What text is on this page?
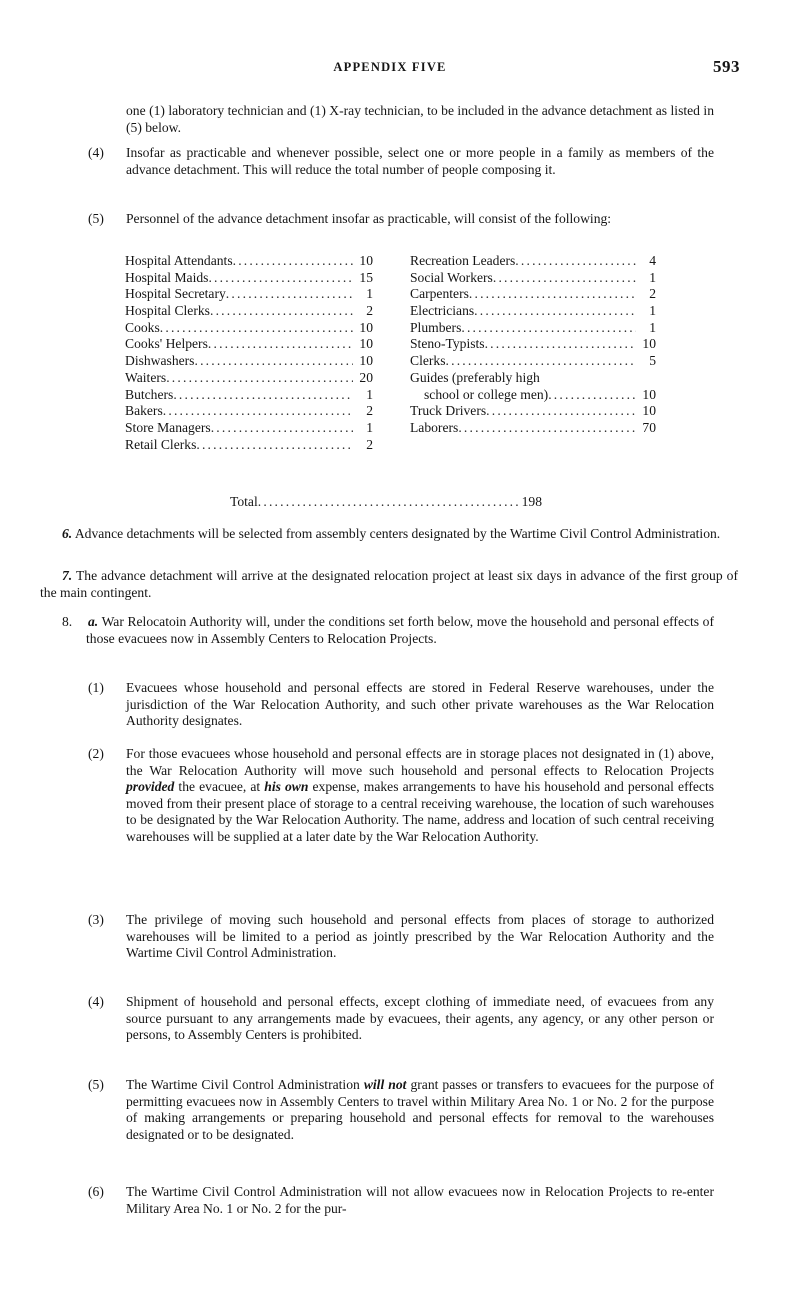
APPENDIX FIVE	593
one (1) laboratory technician and (1) X-ray technician, to be included in the advance detachment as listed in (5) below.
(4) Insofar as practicable and whenever possible, select one or more people in a family as members of the advance detachment. This will reduce the total number of people composing it.
(5) Personnel of the advance detachment insofar as practicable, will consist of the following:
Hospital Attendants .....	10
Hospital Maids .....	15
Hospital Secretary .....	1
Hospital Clerks .....	2
Cooks .....	10
Cooks' Helpers .....	10
Dishwashers .....	10
Waiters .....	20
Butchers .....	1
Bakers .....	2
Store Managers .....	1
Retail Clerks .....	2
Recreation Leaders .....	4
Social Workers .....	1
Carpenters .....	2
Electricians .....	1
Plumbers .....	1
Steno-Typists .....	10
Clerks .....	5
Guides (preferably high
school or college men) .....	10
Truck Drivers .....	10
Laborers .....	70
Total .....	198
6. Advance detachments will be selected from assembly centers designated by the Wartime Civil Control Administration.
7. The advance detachment will arrive at the designated relocation project at least six days in advance of the first group of the main contingent.
8. a. War Relocatoin Authority will, under the conditions set forth below, move the household and personal effects of those evacuees now in Assembly Centers to Relocation Projects.
(1) Evacuees whose household and personal effects are stored in Federal Reserve warehouses, under the jurisdiction of the War Relocation Authority, and such other private warehouses as the War Relocation Authority designates.
(2) For those evacuees whose household and personal effects are in storage places not designated in (1) above, the War Relocation Authority will move such household and personal effects to Relocation Projects provided the evacuee, at his own expense, makes arrangements to have his household and personal effects moved from their present place of storage to a central receiving warehouse, the location of such warehouses to be designated by the War Relocation Authority. The name, address and location of such central receiving warehouses will be supplied at a later date by the War Relocation Authority.
(3) The privilege of moving such household and personal effects from places of storage to authorized warehouses will be limited to a period as jointly prescribed by the War Relocation Authority and the Wartime Civil Control Administration.
(4) Shipment of household and personal effects, except clothing of immediate need, of evacuees from any source pursuant to any arrangements made by evacuees, their agents, any agency, or any other person or persons, to Assembly Centers is prohibited.
(5) The Wartime Civil Control Administration will not grant passes or transfers to evacuees for the purpose of permitting evacuees now in Assembly Centers to travel within Military Area No. 1 or No. 2 for the purpose of making arrangements or preparing household and personal effects for removal to the warehouses designated or to be designated.
(6) The Wartime Civil Control Administration will not allow evacuees now in Relocation Projects to re-enter Military Area No. 1 or No. 2 for the pur-
